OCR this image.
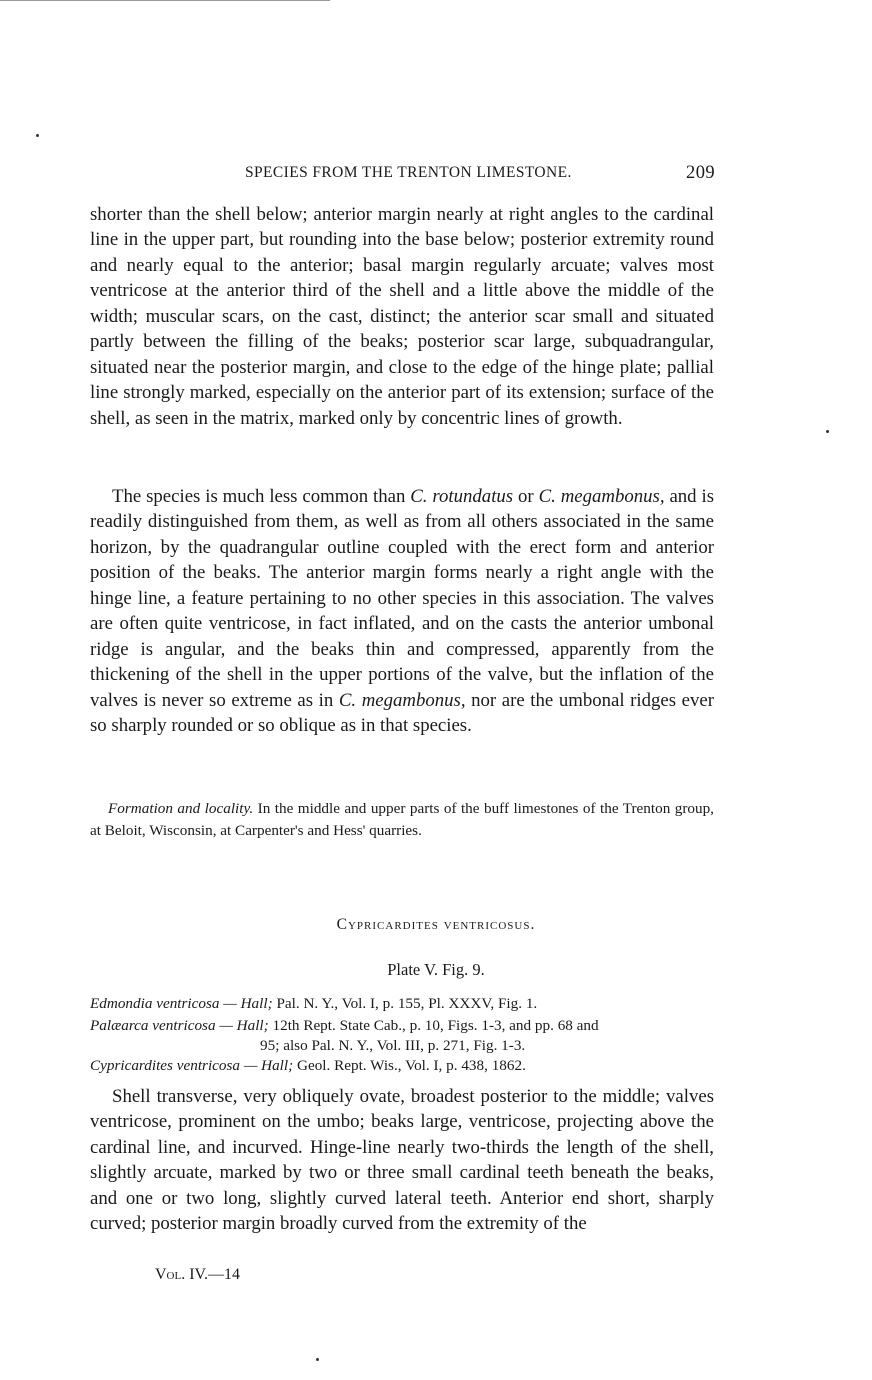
SPECIES FROM THE TRENTON LIMESTONE.	209

shorter than the shell below; anterior margin nearly at right angles to the cardinal line in the upper part, but rounding into the base below; posterior extremity round and nearly equal to the anterior; basal margin regularly arcuate; valves most ventricose at the anterior third of the shell and a little above the middle of the width; muscular scars, on the cast, distinct; the anterior scar small and situated partly between the filling of the beaks; posterior scar large, subquadrangular, situated near the posterior margin, and close to the edge of the hinge plate; pallial line strongly marked, especially on the anterior part of its extension; surface of the shell, as seen in the matrix, marked only by concentric lines of growth.

The species is much less common than C. rotundatus or C. megambonus, and is readily distinguished from them, as well as from all others associated in the same horizon, by the quadrangular outline coupled with the erect form and anterior position of the beaks. The anterior margin forms nearly a right angle with the hinge line, a feature pertaining to no other species in this association. The valves are often quite ventricose, in fact inflated, and on the casts the anterior umbonal ridge is angular, and the beaks thin and compressed, apparently from the thickening of the shell in the upper portions of the valve, but the inflation of the valves is never so extreme as in C. megambonus, nor are the umbonal ridges ever so sharply rounded or so oblique as in that species.

Formation and locality. In the middle and upper parts of the buff limestones of the Trenton group, at Beloit, Wisconsin, at Carpenter's and Hess' quarries.

Cypricardites ventricosus.
Plate V. Fig. 9.
Edmondia ventricosa — Hall; Pal. N. Y., Vol. I, p. 155, Pl. XXXV, Fig. 1.
Palæarca ventricosa — Hall; 12th Rept. State Cab., p. 10, Figs. 1-3, and pp. 68 and
95; also Pal. N. Y., Vol. III, p. 271, Fig. 1-3.
Cypricardites ventricosa — Hall; Geol. Rept. Wis., Vol. I, p. 438, 1862.

Shell transverse, very obliquely ovate, broadest posterior to the middle; valves ventricose, prominent on the umbo; beaks large, ventricose, projecting above the cardinal line, and incurved. Hinge-line nearly two-thirds the length of the shell, slightly arcuate, marked by two or three small cardinal teeth beneath the beaks, and one or two long, slightly curved lateral teeth. Anterior end short, sharply curved; posterior margin broadly curved from the extremity of the

Vol. IV.—14
